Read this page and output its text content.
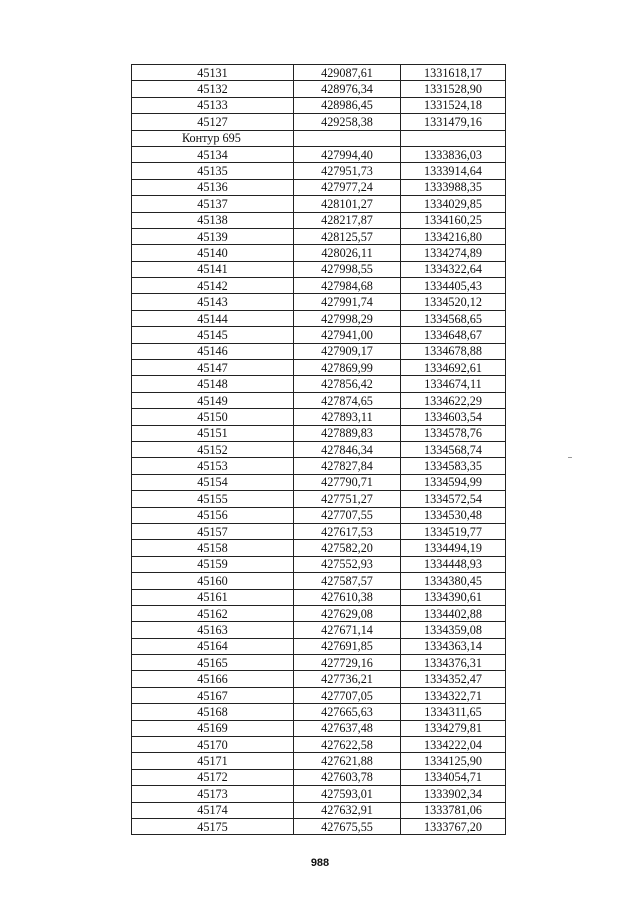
45131	429087,61	1331618,17
45132	428976,34	1331528,90
45133	428986,45	1331524,18
45127	429258,38	1331479,16
Контур 695		
45134	427994,40	1333836,03
45135	427951,73	1333914,64
45136	427977,24	1333988,35
45137	428101,27	1334029,85
45138	428217,87	1334160,25
45139	428125,57	1334216,80
45140	428026,11	1334274,89
45141	427998,55	1334322,64
45142	427984,68	1334405,43
45143	427991,74	1334520,12
45144	427998,29	1334568,65
45145	427941,00	1334648,67
45146	427909,17	1334678,88
45147	427869,99	1334692,61
45148	427856,42	1334674,11
45149	427874,65	1334622,29
45150	427893,11	1334603,54
45151	427889,83	1334578,76
45152	427846,34	1334568,74
45153	427827,84	1334583,35
45154	427790,71	1334594,99
45155	427751,27	1334572,54
45156	427707,55	1334530,48
45157	427617,53	1334519,77
45158	427582,20	1334494,19
45159	427552,93	1334448,93
45160	427587,57	1334380,45
45161	427610,38	1334390,61
45162	427629,08	1334402,88
45163	427671,14	1334359,08
45164	427691,85	1334363,14
45165	427729,16	1334376,31
45166	427736,21	1334352,47
45167	427707,05	1334322,71
45168	427665,63	1334311,65
45169	427637,48	1334279,81
45170	427622,58	1334222,04
45171	427621,88	1334125,90
45172	427603,78	1334054,71
45173	427593,01	1333902,34
45174	427632,91	1333781,06
45175	427675,55	1333767,20
988
